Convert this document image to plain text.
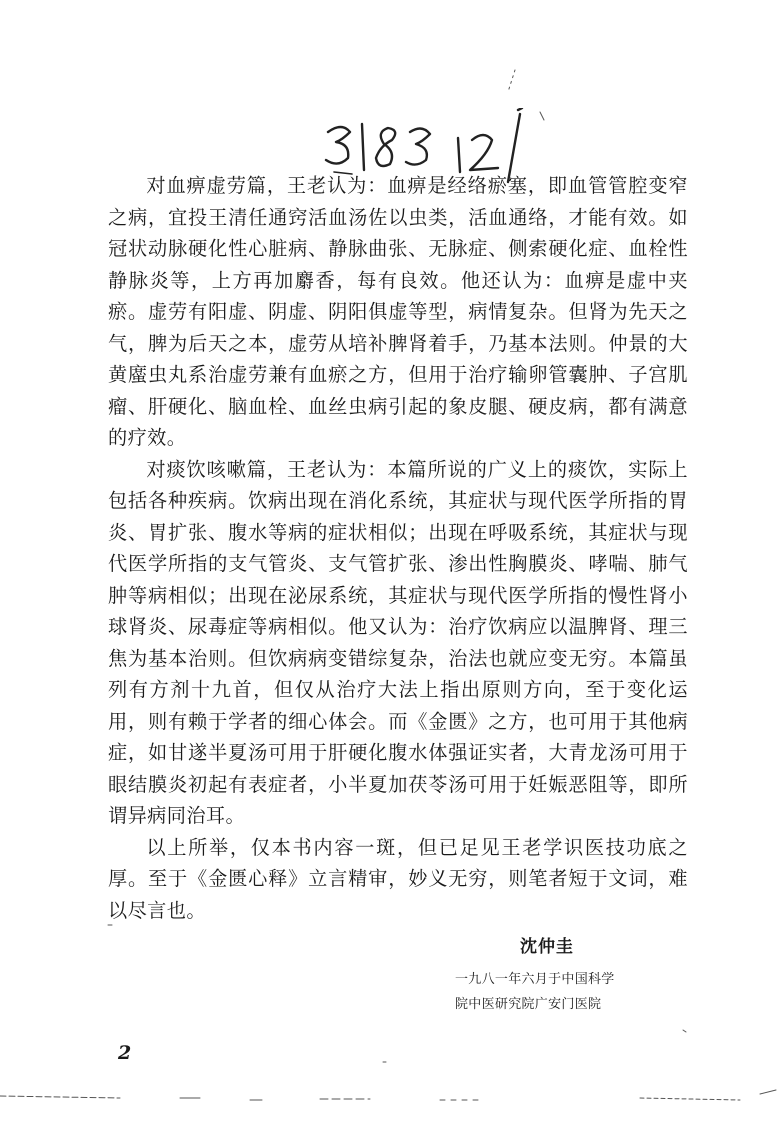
对血痹虚劳篇，王老认为：血痹是经络瘀塞，即血管管腔变窄之病，宜投王清任通窍活血汤佐以虫类，活血通络，才能有效。如冠状动脉硬化性心脏病、静脉曲张、无脉症、侧索硬化症、血栓性静脉炎等，上方再加麝香，每有良效。他还认为：血痹是虚中夹瘀。虚劳有阳虚、阴虚、阴阳俱虚等型，病情复杂。但肾为先天之气，脾为后天之本，虚劳从培补脾肾着手，乃基本法则。仲景的大黄䗪虫丸系治虚劳兼有血瘀之方，但用于治疗输卵管囊肿、子宫肌瘤、肝硬化、脑血栓、血丝虫病引起的象皮腿、硬皮病，都有满意的疗效。

对痰饮咳嗽篇，王老认为：本篇所说的广义上的痰饮，实际上包括各种疾病。饮病出现在消化系统，其症状与现代医学所指的胃炎、胃扩张、腹水等病的症状相似；出现在呼吸系统，其症状与现代医学所指的支气管炎、支气管扩张、渗出性胸膜炎、哮喘、肺气肿等病相似；出现在泌尿系统，其症状与现代医学所指的慢性肾小球肾炎、尿毒症等病相似。他又认为：治疗饮病应以温脾肾、理三焦为基本治则。但饮病病变错综复杂，治法也就应变无穷。本篇虽列有方剂十九首，但仅从治疗大法上指出原则方向，至于变化运用，则有赖于学者的细心体会。而《金匮》之方，也可用于其他病症，如甘遂半夏汤可用于肝硬化腹水体强证实者，大青龙汤可用于眼结膜炎初起有表症者，小半夏加茯苓汤可用于妊娠恶阻等，即所谓异病同治耳。

以上所举，仅本书内容一斑，但已足见王老学识医技功底之厚。至于《金匮心释》立言精审，妙义无穷，则笔者短于文词，难以尽言也。

沈仲圭
一九八一年六月于中国科学
院中医研究院广安门医院
2
